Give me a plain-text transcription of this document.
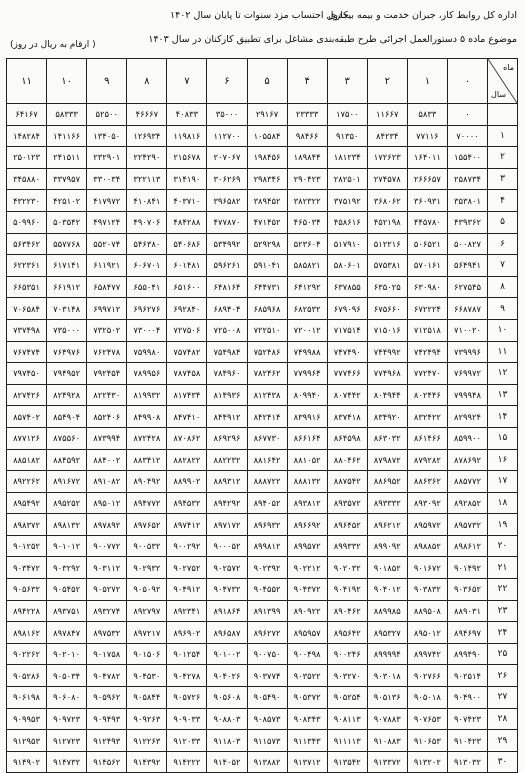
اداره کل روابط کار، جبران خدمت و بیمه بیکاری
جدول احتساب مزد سنوات تا پایان سال ۱۴۰۲
موضوع ماده ۵ دستورالعمل اجرائی طرح طبقه‌بندی مشاغل برای تطبیق کارکنان در سال ۱۴۰۳
( ارقام به ریال در روز)
ماه
سال	۰	۱	۲	۳	۴	۵	۶	۷	۸	۹	۱۰	۱۱
	۰	۵۸۳۳	۱۱۶۶۷	۱۷۵۰۰	۲۳۳۳۳	۲۹۱۶۷	۳۵۰۰۰	۴۰۸۳۳	۴۶۶۶۷	۵۲۵۰۰	۵۸۳۳۳	۶۴۱۶۷
۱	۷۰۰۰۰	۷۷۱۱۶	۸۴۲۳۴	۹۱۳۵۰	۹۸۴۶۶	۱۰۵۵۸۴	۱۱۲۷۰۰	۱۱۹۸۱۶	۱۲۶۹۳۴	۱۳۴۰۵۰	۱۴۱۱۶۶	۱۴۸۲۸۴
۲	۱۵۵۴۰۰	۱۶۴۰۱۱	۱۷۲۶۲۳	۱۸۱۲۳۴	۱۸۹۸۴۴	۱۹۸۴۵۶	۲۰۷۰۶۷	۲۱۵۶۷۸	۲۲۴۲۹۰	۲۳۲۹۰۱	۲۴۱۵۱۱	۲۵۰۱۲۳
۳	۲۵۸۷۳۴	۲۶۶۶۵۷	۲۷۴۵۷۸	۲۸۲۵۰۱	۲۹۰۴۲۳	۲۹۸۳۴۶	۳۰۶۲۶۹	۳۱۴۱۹۰	۳۲۲۱۱۳	۳۳۰۰۳۴	۳۳۷۹۵۷	۳۴۵۸۸۰
۴	۳۵۳۸۰۱	۳۶۰۹۳۱	۳۶۸۰۶۲	۳۷۵۱۹۲	۳۸۲۳۲۲	۳۸۹۴۵۲	۳۹۶۵۸۲	۴۰۳۷۱۰	۴۱۰۸۴۱	۴۱۷۹۷۲	۴۲۵۱۰۲	۴۳۲۲۳۰
۵	۴۳۹۳۶۲	۴۴۵۷۸۰	۴۵۲۱۹۸	۴۵۸۶۱۶	۴۶۵۰۳۴	۴۷۱۴۵۲	۴۷۷۸۷۰	۴۸۴۲۸۸	۴۹۰۷۰۶	۴۹۷۱۲۴	۵۰۳۵۴۲	۵۰۹۹۶۰
۶	۵۰۰۸۲۷	۵۰۶۵۲۱	۵۱۲۲۱۶	۵۱۷۹۱۰	۵۲۳۶۰۴	۵۲۹۲۹۸	۵۳۴۹۹۲	۵۴۰۶۸۶	۵۴۶۳۸۰	۵۵۲۰۷۴	۵۵۷۷۶۸	۵۶۳۴۶۲
۷	۵۶۴۹۴۱	۵۷۰۱۶۱	۵۷۵۳۸۱	۵۸۰۶۰۱	۵۸۵۸۲۱	۵۹۱۰۴۱	۵۹۶۲۶۱	۶۰۱۴۸۱	۶۰۶۷۰۱	۶۱۱۹۲۱	۶۱۷۱۴۱	۶۲۲۳۶۱
۸	۶۲۷۵۴۵	۶۳۰۹۸۰	۶۳۵۰۲۵	۶۳۷۸۵۵	۶۴۱۲۹۲	۶۴۴۷۳۱	۶۴۸۱۶۴	۶۵۱۶۰۰	۶۵۵۰۴۱	۶۵۸۴۷۷	۶۶۱۹۱۲	۶۶۵۳۵۱
۹	۶۶۸۷۸۷	۶۷۲۲۲۴	۶۷۵۶۶۰	۶۷۹۰۹۶	۶۸۲۵۳۲	۶۸۵۹۶۸	۶۸۹۴۰۴	۶۹۲۸۴۰	۶۹۶۲۷۶	۶۹۹۷۱۲	۷۰۳۱۴۸	۷۰۶۵۸۴
۱۰	۷۱۰۰۲۰	۷۱۲۵۱۸	۷۱۵۰۱۶	۷۱۷۵۱۴	۷۲۰۰۱۲	۷۲۲۵۱۰	۷۲۵۰۰۸	۷۲۷۵۰۶	۷۳۰۰۰۴	۷۳۲۵۰۲	۷۳۵۰۰۰	۷۳۷۴۹۸
۱۱	۷۳۹۹۹۶	۷۴۲۴۹۴	۷۴۴۹۹۲	۷۴۷۴۹۰	۷۴۹۹۸۸	۷۵۲۴۸۶	۷۵۴۹۸۴	۷۵۷۴۸۲	۷۵۹۹۸۰	۷۶۲۴۷۸	۷۶۴۹۷۶	۷۶۷۴۷۴
۱۲	۷۶۹۹۷۲	۷۷۲۴۷۰	۷۷۴۹۶۸	۷۷۷۴۶۶	۷۷۹۹۶۴	۷۸۲۴۶۲	۷۸۴۹۶۰	۷۸۷۴۵۸	۷۸۹۹۵۶	۷۹۲۴۵۴	۷۹۴۹۵۲	۷۹۷۴۵۰
۱۳	۷۹۹۹۴۸	۸۰۲۴۴۶	۸۰۴۹۴۴	۸۰۷۴۴۲	۸۰۹۹۴۰	۸۱۲۴۳۸	۸۱۴۹۳۶	۸۱۷۴۳۴	۸۱۹۹۳۲	۸۲۲۴۳۰	۸۲۴۹۲۸	۸۲۷۴۲۶
۱۴	۸۲۹۹۲۴	۸۳۲۴۲۲	۸۳۴۹۲۰	۸۳۷۴۱۸	۸۳۹۹۱۶	۸۴۲۴۱۴	۸۴۴۹۱۲	۸۴۷۴۱۰	۸۴۹۹۰۸	۸۵۲۴۰۶	۸۵۴۹۰۴	۸۵۷۴۰۲
۱۵	۸۵۹۹۰۰	۸۶۱۴۶۶	۸۶۳۰۳۲	۸۶۴۵۹۸	۸۶۶۱۶۴	۸۶۷۷۳۰	۸۶۹۲۹۶	۸۷۰۸۶۲	۸۷۲۴۲۸	۸۷۳۹۹۴	۸۷۵۵۶۰	۸۷۷۱۲۶
۱۶	۸۷۸۶۹۲	۸۷۹۲۸۲	۸۷۹۸۷۲	۸۸۰۴۶۲	۸۸۱۰۵۲	۸۸۱۶۴۲	۸۸۲۲۳۲	۸۸۲۸۲۲	۸۸۳۴۱۲	۸۸۴۰۰۲	۸۸۴۵۹۲	۸۸۵۱۸۲
۱۷	۸۸۵۷۷۲	۸۸۶۳۶۲	۸۸۶۹۵۲	۸۸۷۵۴۲	۸۸۸۱۳۲	۸۸۸۷۲۲	۸۸۹۳۱۲	۸۸۹۹۰۲	۸۹۰۴۹۲	۸۹۱۰۸۲	۸۹۱۶۷۲	۸۹۲۲۶۲
۱۸	۸۹۲۸۵۲	۸۹۳۰۹۲	۸۹۳۳۳۲	۸۹۳۵۷۲	۸۹۳۸۱۲	۸۹۴۰۵۲	۸۹۴۲۹۲	۸۹۴۵۳۲	۸۹۴۷۷۲	۸۹۵۰۱۲	۸۹۵۲۵۲	۸۹۵۴۹۲
۱۹	۸۹۵۷۳۲	۸۹۵۹۷۲	۸۹۶۲۱۲	۸۹۶۴۵۲	۸۹۶۶۹۲	۸۹۶۹۳۲	۸۹۷۱۷۲	۸۹۷۴۱۲	۸۹۷۶۵۲	۸۹۷۸۹۲	۸۹۸۱۳۲	۸۹۸۳۷۲
۲۰	۸۹۸۶۱۲	۸۹۸۸۵۲	۸۹۹۰۹۲	۸۹۹۳۳۲	۸۹۹۵۷۲	۸۹۹۸۱۲	۹۰۰۰۵۲	۹۰۰۲۹۲	۹۰۰۵۳۲	۹۰۰۷۷۲	۹۰۱۰۱۲	۹۰۱۲۵۲
۲۱	۹۰۱۴۹۲	۹۰۱۶۷۲	۹۰۱۸۵۲	۹۰۲۰۳۲	۹۰۲۲۱۲	۹۰۲۳۹۲	۹۰۲۵۷۲	۹۰۲۷۵۲	۹۰۲۹۳۲	۹۰۳۱۱۲	۹۰۳۲۹۲	۹۰۳۴۷۲
۲۲	۹۰۳۶۵۲	۹۰۳۸۳۲	۹۰۴۰۱۲	۹۰۴۱۹۲	۹۰۴۳۷۲	۹۰۴۵۵۲	۹۰۴۷۳۲	۹۰۴۹۱۲	۹۰۵۰۹۲	۹۰۵۲۷۲	۹۰۵۴۵۲	۹۰۵۶۳۲
۲۳	۸۸۹۰۳۱	۸۸۹۵۰۸	۸۸۹۹۸۵	۸۹۰۴۶۲	۸۹۰۹۲۲	۸۹۱۳۹۹	۸۹۱۸۶۴	۸۹۲۳۴۱	۸۹۲۷۹۷	۸۹۳۲۷۴	۸۹۳۷۵۱	۸۹۴۲۲۸
۲۴	۸۹۴۶۹۷	۸۹۵۰۱۲	۸۹۵۳۲۷	۸۹۵۶۴۲	۸۹۵۹۵۷	۸۹۶۲۷۲	۸۹۶۵۸۷	۸۹۶۹۰۲	۸۹۷۲۱۷	۸۹۷۵۳۲	۸۹۷۸۴۷	۸۹۸۱۶۲
۲۵	۸۹۹۴۹۰	۸۹۹۷۴۲	۸۹۹۹۹۴	۹۰۰۲۴۶	۹۰۰۴۹۸	۹۰۰۷۵۰	۹۰۱۰۰۲	۹۰۱۲۵۴	۹۰۱۵۰۶	۹۰۱۷۵۸	۹۰۲۰۱۰	۹۰۲۲۶۲
۲۶	۹۰۲۵۱۴	۹۰۲۷۶۶	۹۰۳۰۱۸	۹۰۳۲۷۰	۹۰۳۵۲۲	۹۰۳۷۷۴	۹۰۴۰۲۶	۹۰۴۲۷۸	۹۰۴۵۳۰	۹۰۴۷۸۲	۹۰۵۰۳۴	۹۰۵۲۸۶
۲۷	۹۰۴۹۰۰	۹۰۵۰۱۸	۹۰۵۱۳۶	۹۰۵۲۵۴	۹۰۵۳۷۲	۹۰۵۴۹۰	۹۰۵۶۰۸	۹۰۵۷۲۶	۹۰۵۸۴۴	۹۰۵۹۶۲	۹۰۶۰۸۰	۹۰۶۱۹۸
۲۸	۹۰۷۴۲۳	۹۰۷۶۵۳	۹۰۷۸۸۳	۹۰۸۱۱۳	۹۰۸۳۴۳	۹۰۸۵۷۳	۹۰۸۸۰۳	۹۰۹۰۳۳	۹۰۹۲۶۳	۹۰۹۴۹۳	۹۰۹۷۲۳	۹۰۹۹۵۳
۲۹	۹۱۰۴۲۳	۹۱۰۶۵۳	۹۱۰۸۸۳	۹۱۱۱۱۳	۹۱۱۳۴۳	۹۱۱۵۷۳	۹۱۱۸۰۳	۹۱۲۰۳۳	۹۱۲۲۶۳	۹۱۲۴۹۳	۹۱۲۷۲۳	۹۱۲۹۵۳
۳۰	۹۱۳۰۳۲	۹۱۳۲۰۲	۹۱۳۳۷۲	۹۱۳۵۴۲	۹۱۳۷۱۲	۹۱۳۸۸۲	۹۱۴۰۵۲	۹۱۴۲۲۲	۹۱۴۳۹۲	۹۱۴۵۶۲	۹۱۴۷۳۲	۹۱۴۹۰۲
